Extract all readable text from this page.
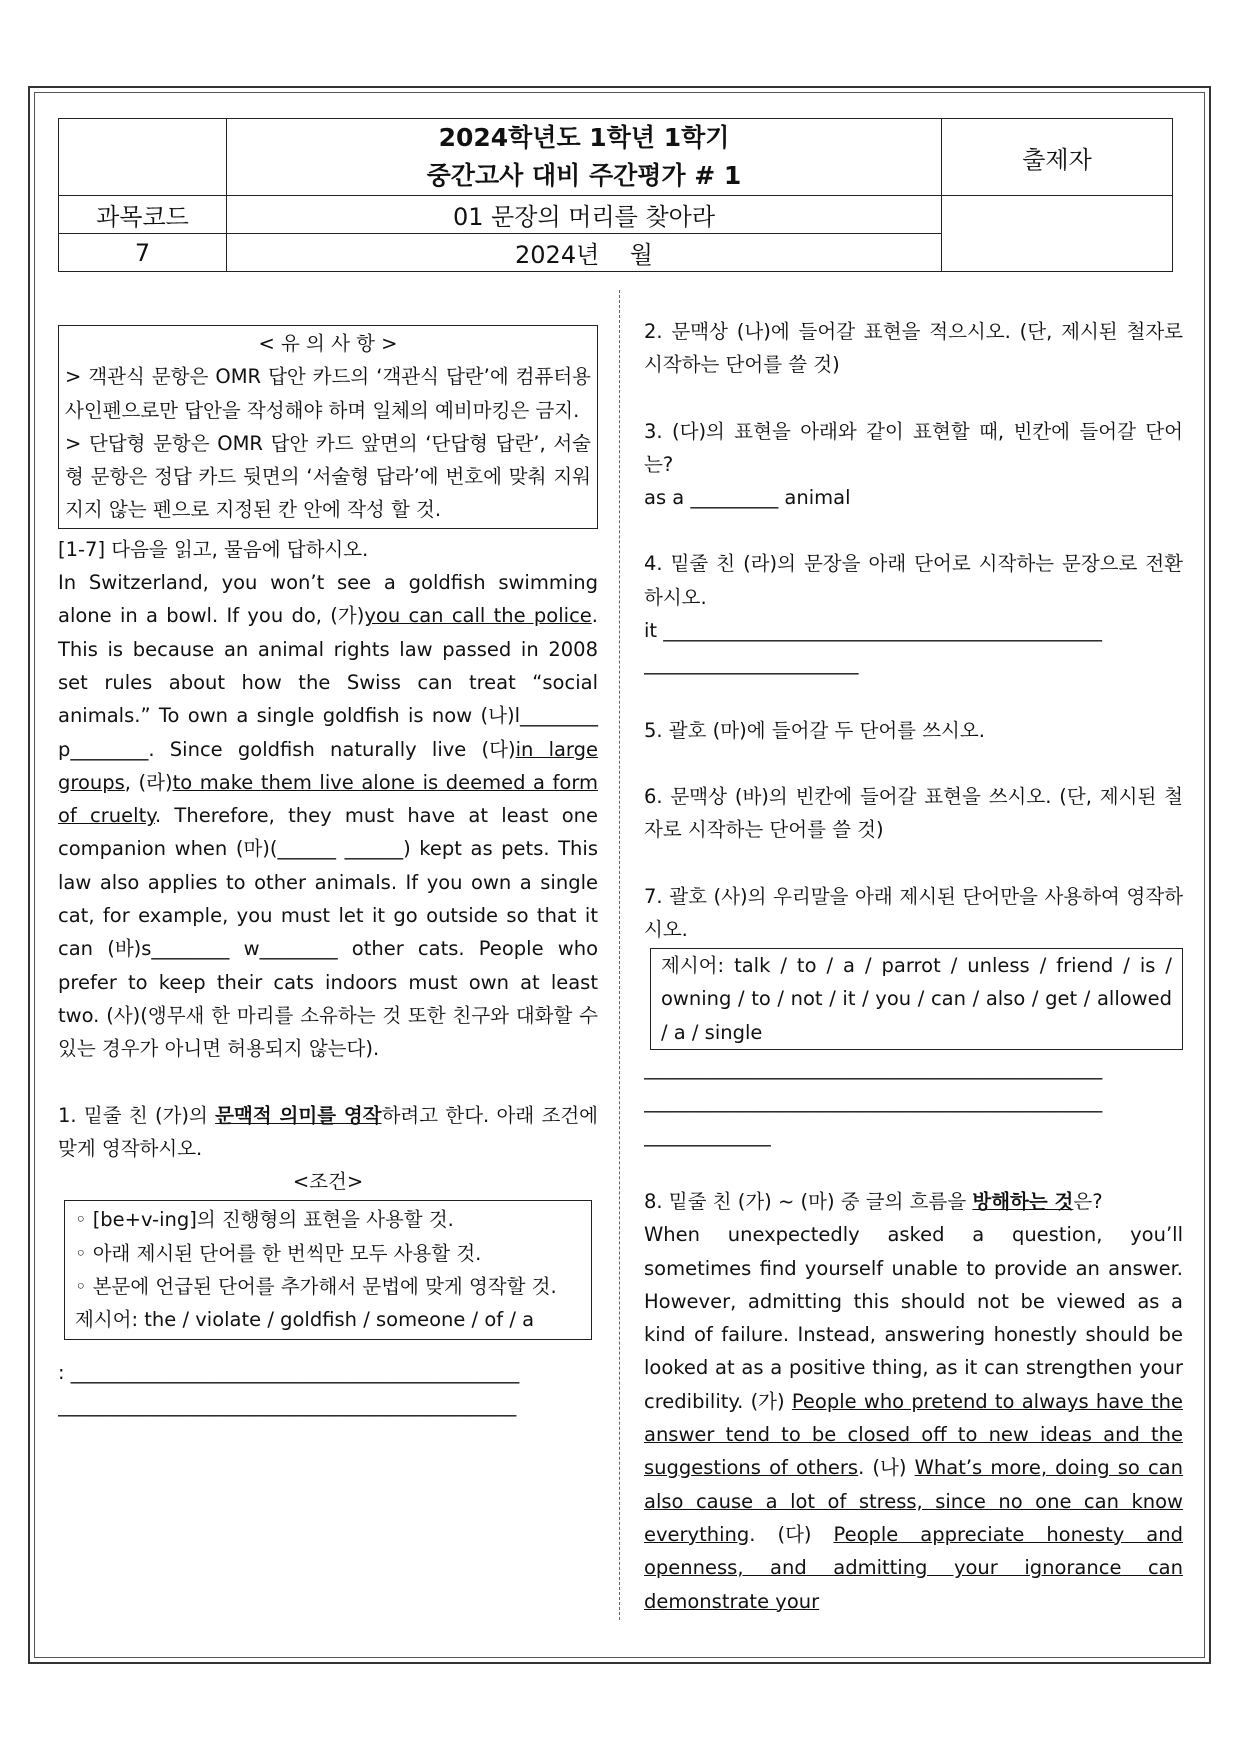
	2024학년도 1학년 1학기
중간고사 대비 주간평가 # 1	출제자
과목코드	01 문장의 머리를 찾아라	
7	2024년    월	

< 유 의 사 항 >

> 객관식 문항은 OMR 답안 카드의 ‘객관식 답란’에 컴퓨터용 사인펜으로만 답안을 작성해야 하며 일체의 예비마킹은 금지.

> 단답형 문항은 OMR 답안 카드 앞면의 ‘단답형 답란’, 서술형 문항은 정답 카드 뒷면의 ‘서술형 답라’에 번호에 맞춰 지워지지 않는 펜으로 지정된 칸 안에 작성 할 것.

[1-7] 다음을 읽고, 물음에 답하시오.

In Switzerland, you won’t see a goldfish swimming alone in a bowl. If you do, (가)you can call the police. This is because an animal rights law passed in 2008 set rules about how the Swiss can treat “social animals.” To own a single goldfish is now (나)l________ p________. Since goldfish naturally live (다)in large groups, (라)to make them live alone is deemed a form of cruelty. Therefore, they must have at least one companion when (마)(______ ______) kept as pets. This law also applies to other animals. If you own a single cat, for example, you must let it go outside so that it can (바)s________ w________ other cats. People who prefer to keep their cats indoors must own at least two. (사)(앵무새 한 마리를 소유하는 것 또한 친구와 대화할 수 있는 경우가 아니면 허용되지 않는다).

1. 밑줄 친 (가)의 문맥적 의미를 영작하려고 한다. 아래 조건에 맞게 영작하시오.

<조건>

◦ [be+v-ing]의 진행형의 표현을 사용할 것.

◦ 아래 제시된 단어를 한 번씩만 모두 사용할 것.

◦ 본문에 언급된 단어를 추가해서 문법에 맞게 영작할 것.

제시어: the / violate / goldfish / someone / of / a

: ______________________________________________

_______________________________________________

2. 문맥상 (나)에 들어갈 표현을 적으시오. (단, 제시된 철자로 시작하는 단어를 쓸 것)

3. (다)의 표현을 아래와 같이 표현할 때, 빈칸에 들어갈 단어는?

as a _________ animal

4. 밑줄 친 (라)의 문장을 아래 단어로 시작하는 문장으로 전환하시오.

it _____________________________________________

______________________

5. 괄호 (마)에 들어갈 두 단어를 쓰시오.

6. 문맥상 (바)의 빈칸에 들어갈 표현을 쓰시오. (단, 제시된 철자로 시작하는 단어를 쓸 것)

7. 괄호 (사)의 우리말을 아래 제시된 단어만을 사용하여 영작하시오.

제시어: talk / to / a / parrot / unless / friend / is / owning / to / not / it / you / can / also / get / allowed / a / single

_______________________________________________

_______________________________________________

_____________

8. 밑줄 친 (가) ~ (마) 중 글의 흐름을 방해하는 것은?

When unexpectedly asked a question, you’ll sometimes find yourself unable to provide an answer. However, admitting this should not be viewed as a kind of failure. Instead, answering honestly should be looked at as a positive thing, as it can strengthen your credibility. (가) People who pretend to always have the answer tend to be closed off to new ideas and the suggestions of others. (나) What’s more, doing so can also cause a lot of stress, since no one can know everything. (다) People appreciate honesty and openness, and admitting your ignorance can demonstrate your
